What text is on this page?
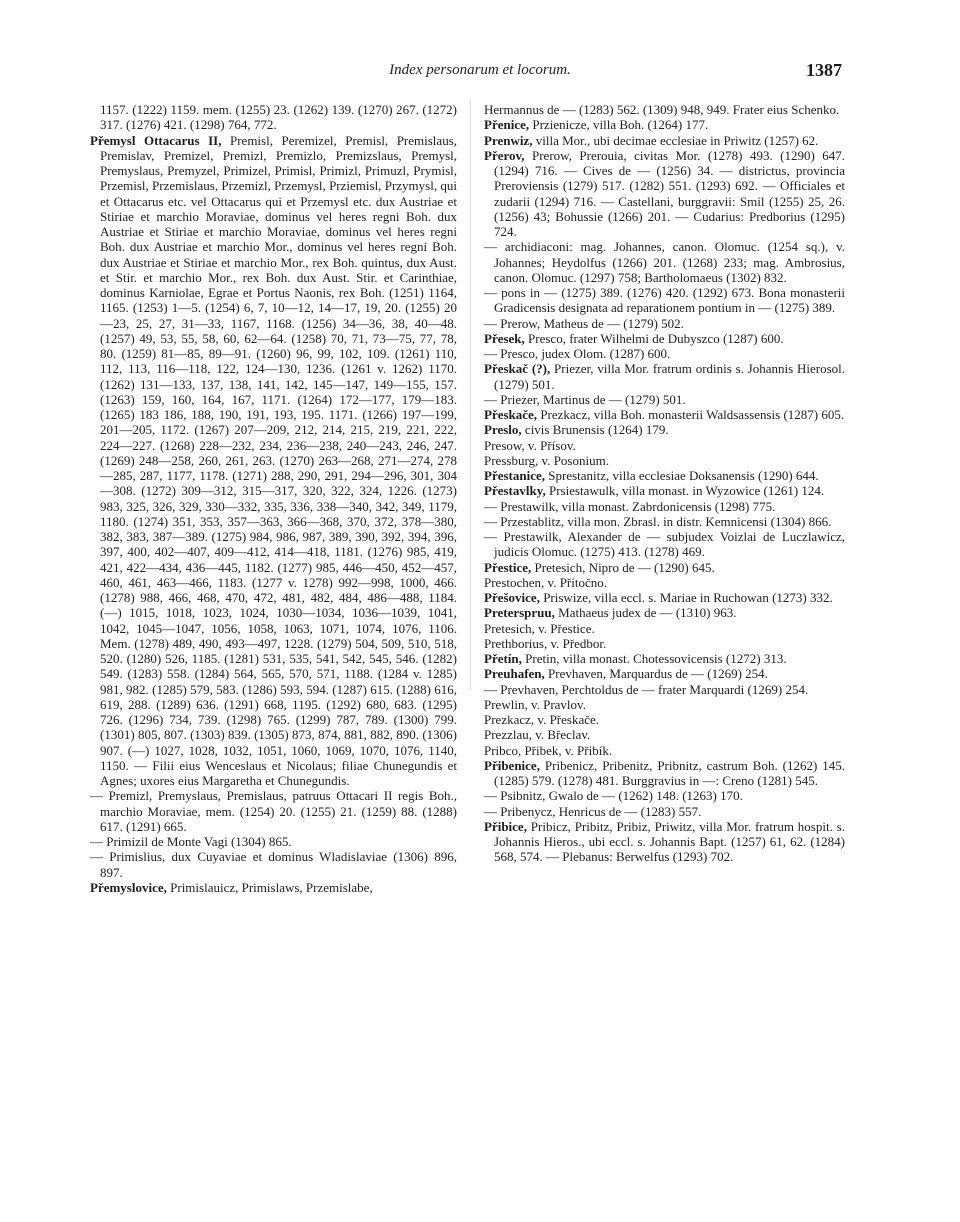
Index personarum et locorum.	1387

1157. (1222) 1159. mem. (1255) 23. (1262) 139. (1270) 267. (1272) 317. (1276) 421. (1298) 764, 772.

Přemysl Ottacarus II, Premisl, Peremizel, Premisl, Premislaus, Premislav, Premizel, Premizl, Premizlo, Premizslaus, Premysl, Premyslaus, Premyzel, Primizel, Primisl, Primizl, Primuzl, Prymisl, Przemisl, Przemislaus, Przemizl, Przemysl, Prziemisl, Przymysl, qui et Ottacarus etc. vel Ottacarus qui et Przemysl etc. dux Austriae et Stiriae et marchio Moraviae, dominus vel heres regni Boh. dux Austriae et Stiriae et marchio Moraviae, dominus vel heres regni Boh. dux Austriae et marchio Mor., dominus vel heres regni Boh. dux Austriae et Stiriae et marchio Mor., rex Boh. quintus, dux Aust. et Stir. et marchio Mor., rex Boh. dux Aust. Stir. et Carinthiae, dominus Karniolae, Egrae et Portus Naonis, rex Boh. (1251) 1164, 1165. (1253) 1—5. (1254) 6, 7, 10—12, 14—17, 19, 20. (1255) 20—23, 25, 27, 31—33, 1167, 1168. (1256) 34—36, 38, 40—48. (1257) 49, 53, 55, 58, 60, 62—64. (1258) 70, 71, 73—75, 77, 78, 80. (1259) 81—85, 89—91. (1260) 96, 99, 102, 109. (1261) 110, 112, 113, 116—118, 122, 124—130, 1236. (1261 v. 1262) 1170. (1262) 131—133, 137, 138, 141, 142, 145—147, 149—155, 157. (1263) 159, 160, 164, 167, 1171. (1264) 172—177, 179—183. (1265) 183 186, 188, 190, 191, 193, 195. 1171. (1266) 197—199, 201—205, 1172. (1267) 207—209, 212, 214, 215, 219, 221, 222, 224—227. (1268) 228—232, 234, 236—238, 240—243, 246, 247. (1269) 248—258, 260, 261, 263. (1270) 263—268, 271—274, 278—285, 287, 1177, 1178. (1271) 288, 290, 291, 294—296, 301, 304—308. (1272) 309—312, 315—317, 320, 322, 324, 1226. (1273) 983, 325, 326, 329, 330—332, 335, 336, 338—340, 342, 349, 1179, 1180. (1274) 351, 353, 357—363, 366—368, 370, 372, 378—380, 382, 383, 387—389. (1275) 984, 986, 987, 389, 390, 392, 394, 396, 397, 400, 402—407, 409—412, 414—418, 1181. (1276) 985, 419, 421, 422—434, 436—445, 1182. (1277) 985, 446—450, 452—457, 460, 461, 463—466, 1183. (1277 v. 1278) 992—998, 1000, 466. (1278) 988, 466, 468, 470, 472, 481, 482, 484, 486—488, 1184. (—) 1015, 1018, 1023, 1024, 1030—1034, 1036—1039, 1041, 1042, 1045—1047, 1056, 1058, 1063, 1071, 1074, 1076, 1106. Mem. (1278) 489, 490, 493—497, 1228. (1279) 504, 509, 510, 518, 520. (1280) 526, 1185. (1281) 531, 535, 541, 542, 545, 546. (1282) 549. (1283) 558. (1284) 564, 565, 570, 571, 1188. (1284 v. 1285) 981, 982. (1285) 579, 583. (1286) 593, 594. (1287) 615. (1288) 616, 619, 288. (1289) 636. (1291) 668, 1195. (1292) 680, 683. (1295) 726. (1296) 734, 739. (1298) 765. (1299) 787, 789. (1300) 799. (1301) 805, 807. (1303) 839. (1305) 873, 874, 881, 882, 890. (1306) 907. (—) 1027, 1028, 1032, 1051, 1060, 1069, 1070, 1076, 1140, 1150. — Filii eius Wenceslaus et Nicolaus; filiae Chunegundis et Agnes; uxores eius Margaretha et Chunegundis.

— Premizl, Premyslaus, Premislaus, patruus Ottacari II regis Boh., marchio Moraviae, mem. (1254) 20. (1255) 21. (1259) 88. (1288) 617. (1291) 665.

— Primizil de Monte Vagi (1304) 865.

— Primislius, dux Cuyaviae et dominus Wladislaviae (1306) 896, 897.

Přemyslovice, Primislauicz, Primislaws, Przemislabe,

Hermannus de — (1283) 562. (1309) 948, 949. Frater eius Schenko.

Přenice, Przienicze, villa Boh. (1264) 177.

Prenwiz, villa Mor., ubi decimae ecclesiae in Priwitz (1257) 62.

Přerov, Prerow, Prerouia, civitas Mor. (1278) 493. (1290) 647. (1294) 716. — Cives de — (1256) 34. — districtus, provincia Preroviensis (1279) 517. (1282) 551. (1293) 692. — Officiales et zudarii (1294) 716. — Castellani, burggravii: Smil (1255) 25, 26. (1256) 43; Bohussie (1266) 201. — Cudarius: Predborius (1295) 724.

— archidiaconi: mag. Johannes, canon. Olomuc. (1254 sq.), v. Johannes; Heydolfus (1266) 201. (1268) 233; mag. Ambrosius, canon. Olomuc. (1297) 758; Bartholomaeus (1302) 832.

— pons in — (1275) 389. (1276) 420. (1292) 673. Bona monasterii Gradicensis designata ad reparationem pontium in — (1275) 389.

— Prerow, Matheus de — (1279) 502.

Přesek, Presco, frater Wilhelmi de Dubyszco (1287) 600.

— Presco, judex Olom. (1287) 600.

Přeskač (?), Priezer, villa Mor. fratrum ordinis s. Johannis Hierosol. (1279) 501.

— Priezer, Martinus de — (1279) 501.

Přeskače, Prezkacz, villa Boh. monasterii Waldsassensis (1287) 605.

Preslo, civis Brunensis (1264) 179.

Presow, v. Přísov.

Pressburg, v. Posonium.

Přestanice, Sprestanitz, villa ecclesiae Doksanensis (1290) 644.

Přestavlky, Prsiestawulk, villa monast. in Wyzowice (1261) 124.

— Prestawilk, villa monast. Zabrdonicensis (1298) 775.

— Przestablitz, villa mon. Zbrasl. in distr. Kemnicensi (1304) 866.

— Prestawilk, Alexander de — subjudex Voizlai de Luczlawicz, judicis Olomuc. (1275) 413. (1278) 469.

Přestice, Pretesich, Nipro de — (1290) 645.

Prestochen, v. Přítočno.

Přešovice, Priswize, villa eccl. s. Mariae in Ruchowan (1273) 332.

Preterspruu, Mathaeus judex de — (1310) 963.

Pretesich, v. Přestice.

Prethborius, v. Předbor.

Přetín, Pretin, villa monast. Chotessovicensis (1272) 313.

Preuhafen, Prevhaven, Marquardus de — (1269) 254.

— Prevhaven, Perchtoldus de — frater Marquardi (1269) 254.

Prewlin, v. Pravlov.

Prezkacz, v. Přeskače.

Prezzlau, v. Břeclav.

Pribco, Přibek, v. Přibík.

Přibenice, Pribenicz, Pribenitz, Pribnitz, castrum Boh. (1262) 145. (1285) 579. (1278) 481. Burggravius in —: Creno (1281) 545.

— Psibnitz, Gwalo de — (1262) 148. (1263) 170.

— Pribenycz, Henricus de — (1283) 557.

Přibice, Pribicz, Pribitz, Pribiz, Priwitz, villa Mor. fratrum hospit. s. Johannis Hieros., ubi eccl. s. Johannis Bapt. (1257) 61, 62. (1284) 568, 574. — Plebanus: Berwelfus (1293) 702.
